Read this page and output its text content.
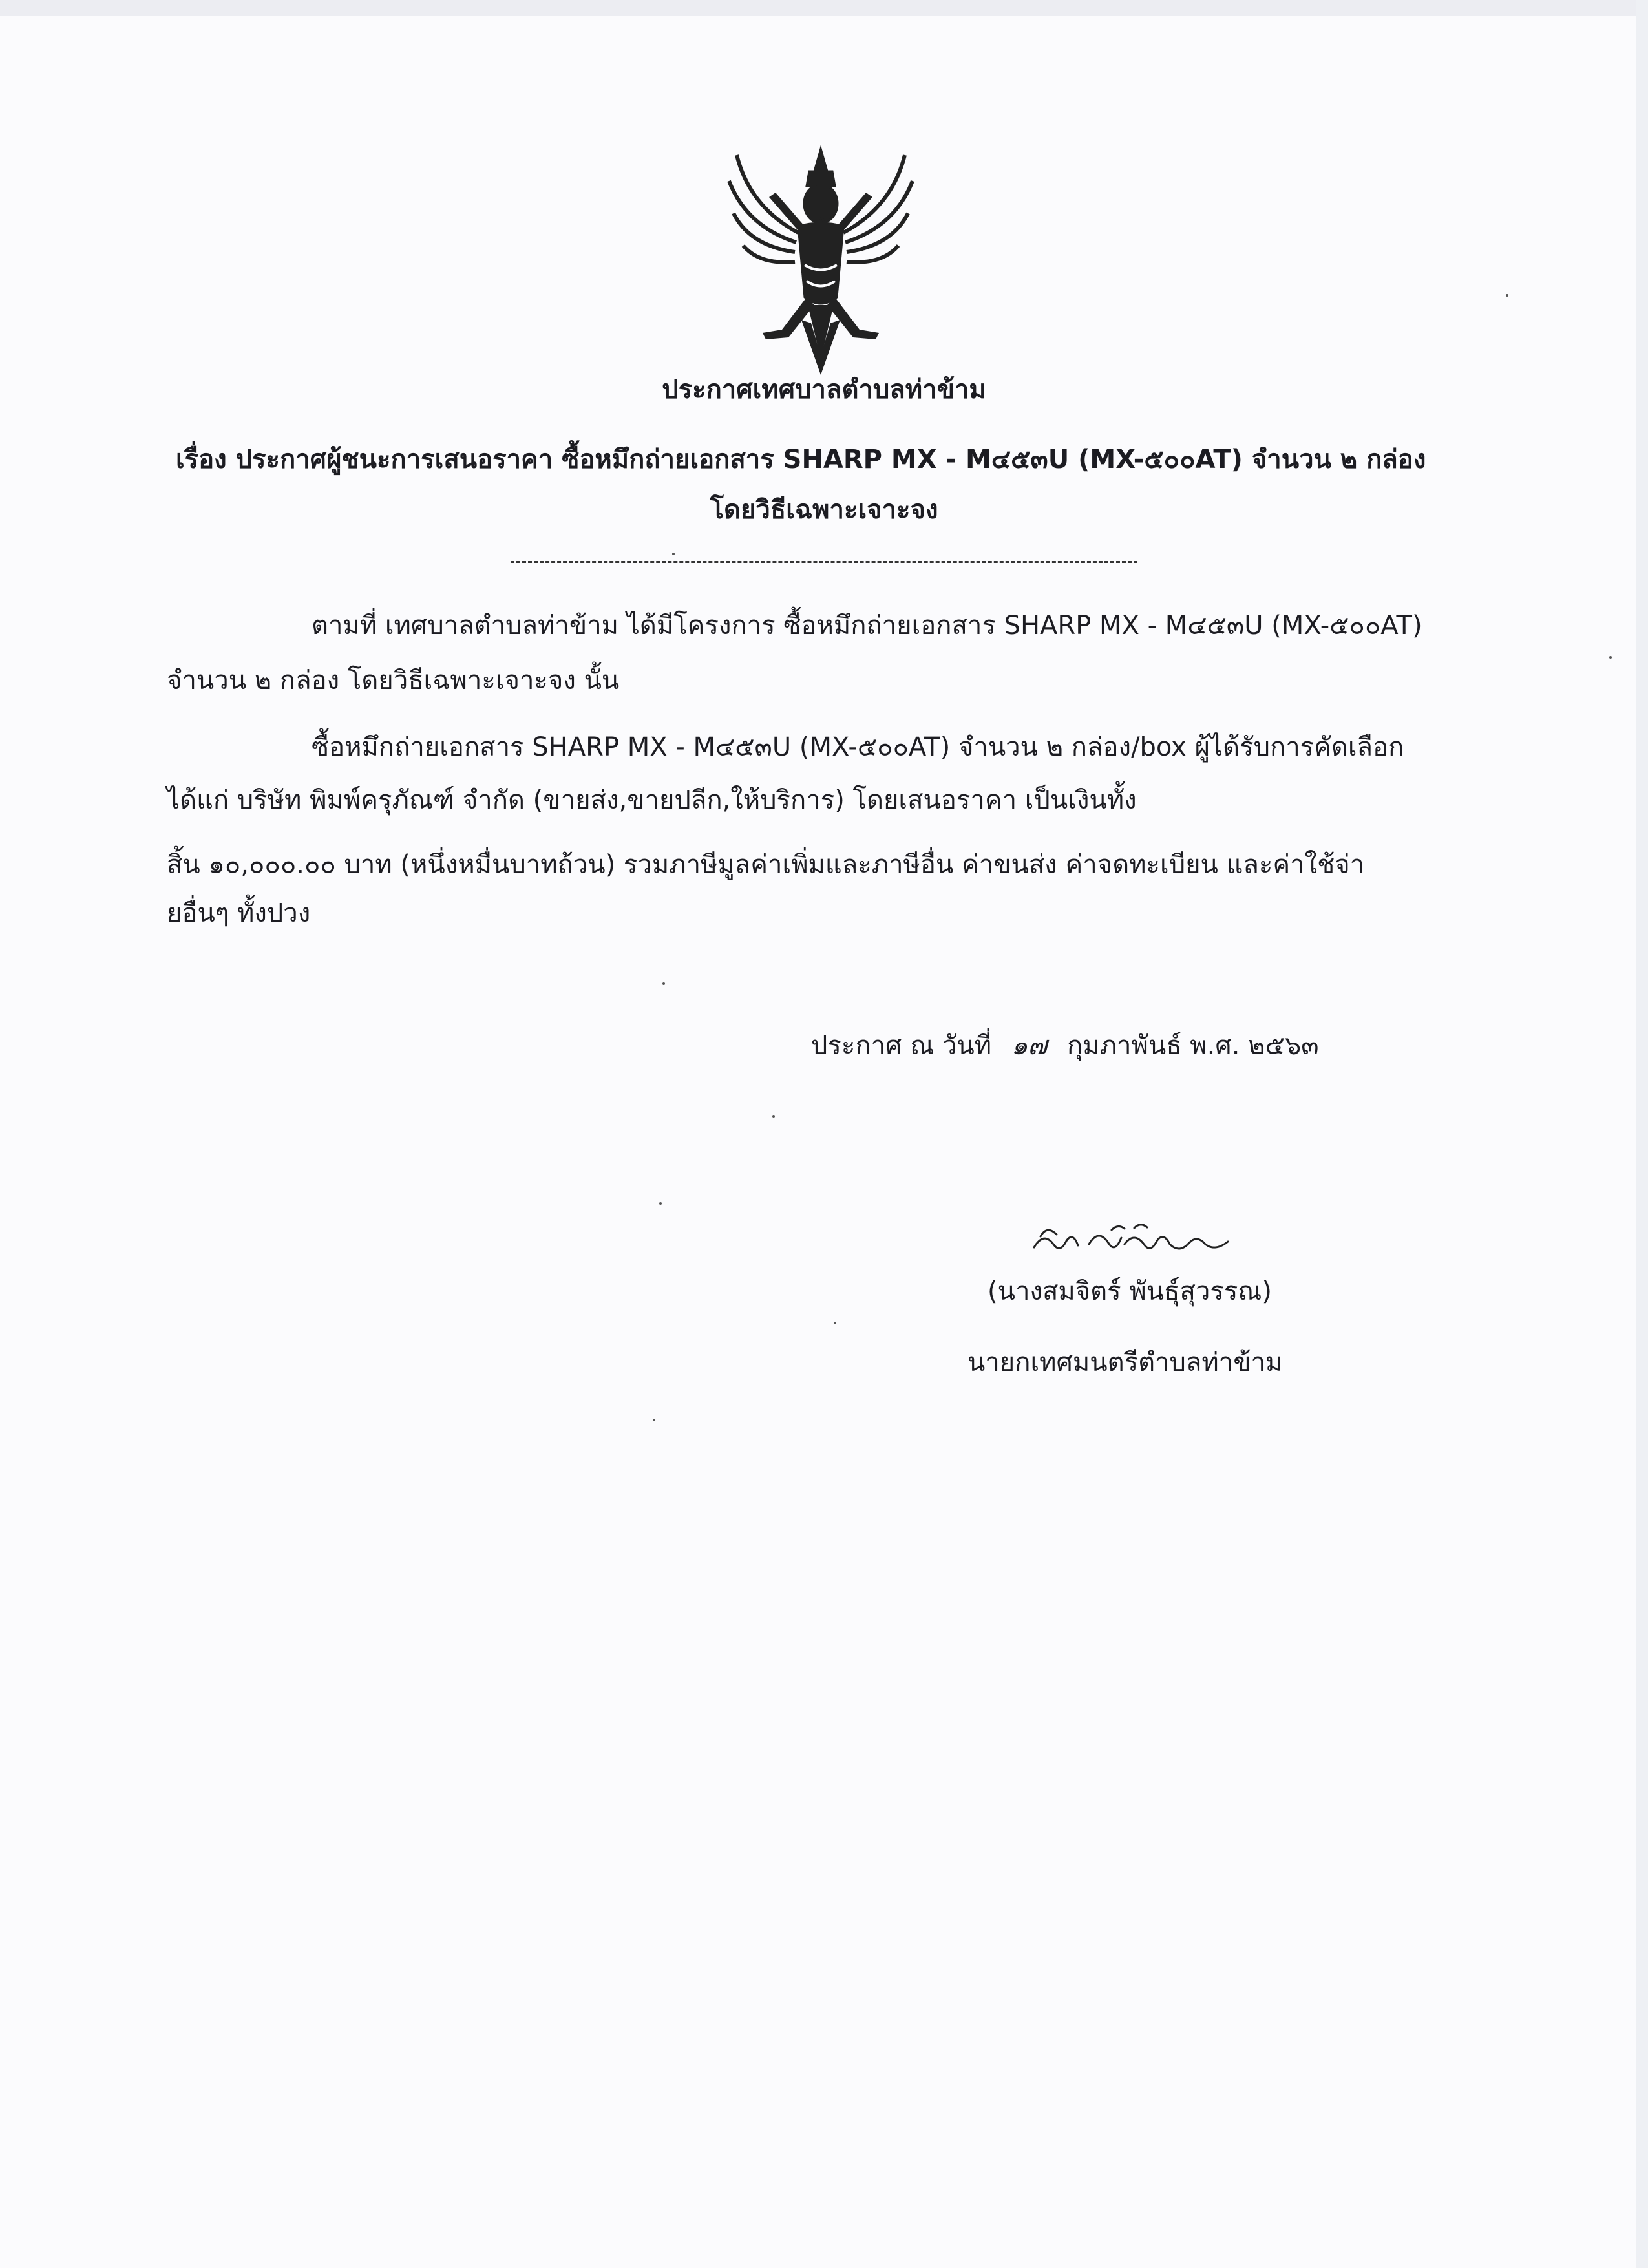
ประกาศเทศบาลตำบลท่าข้าม
เรื่อง ประกาศผู้ชนะการเสนอราคา ซื้อหมึกถ่ายเอกสาร SHARP MX - M๔๕๓U (MX-๕๐๐AT) จำนวน ๒ กล่อง
โดยวิธีเฉพาะเจาะจง
ตามที่ เทศบาลตำบลท่าข้าม ได้มีโครงการ ซื้อหมึกถ่ายเอกสาร SHARP MX - M๔๕๓U (MX-๕๐๐AT)
จำนวน ๒ กล่อง โดยวิธีเฉพาะเจาะจง นั้น
ซื้อหมึกถ่ายเอกสาร SHARP MX - M๔๕๓U (MX-๕๐๐AT) จำนวน ๒ กล่อง/box ผู้ได้รับการคัดเลือก
ได้แก่ บริษัท พิมพ์ครุภัณฑ์ จำกัด (ขายส่ง,ขายปลีก,ให้บริการ) โดยเสนอราคา เป็นเงินทั้ง
สิ้น ๑๐,๐๐๐.๐๐ บาท (หนึ่งหมื่นบาทถ้วน) รวมภาษีมูลค่าเพิ่มและภาษีอื่น ค่าขนส่ง ค่าจดทะเบียน และค่าใช้จ่า
ยอื่นๆ ทั้งปวง
ประกาศ ณ วันที่ ๑๗ กุมภาพันธ์ พ.ศ. ๒๕๖๓
(นางสมจิตร์ พันธุ์สุวรรณ)
นายกเทศมนตรีตำบลท่าข้าม
